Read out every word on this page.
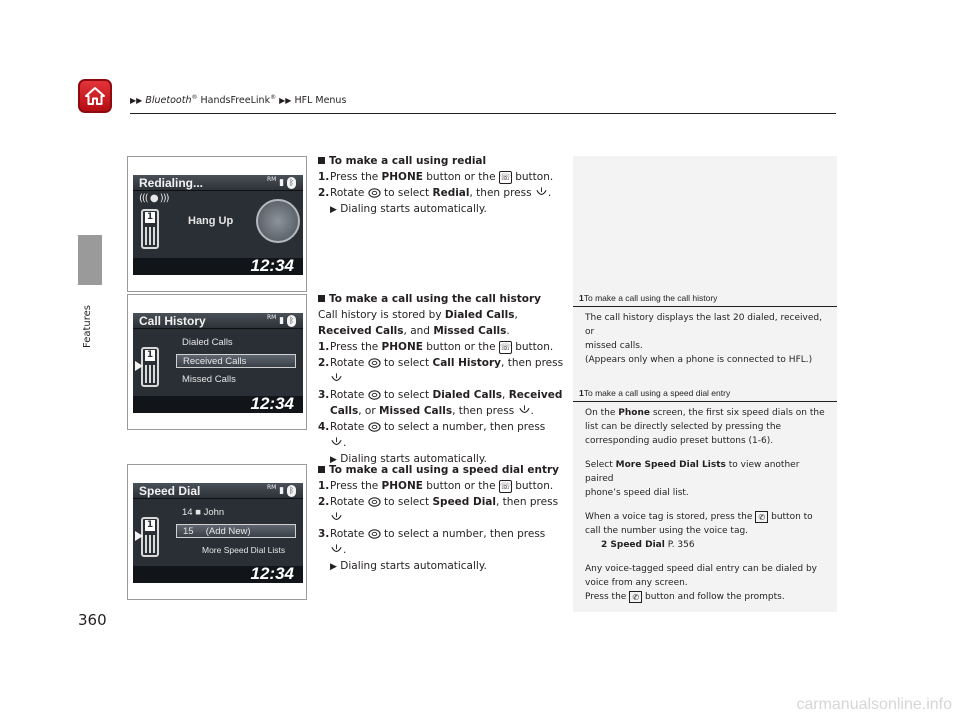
▶▶ Bluetooth® HandsFreeLink® ▶▶ HFL Menus
Features
360
Redialing...	$^{RM}$ ▮ ᛒ
((( ● )))
1	Hang Up
12:34
Call History	$^{RM}$ ▮ ᛒ
1
Dialed Calls
Received Calls
Missed Calls
12:34
Speed Dial	$^{RM}$ ▮ ᛒ
1
14 ■ John
15 　(Add New)
More Speed Dial Lists
12:34
To make a call using redial
1. Press the PHONE button or the ☏ button.
2. Rotate  to select Redial, then press .
▶ Dialing starts automatically.
To make a call using the call history
Call history is stored by Dialed Calls,
Received Calls, and Missed Calls.
1. Press the PHONE button or the ☏ button.
2. Rotate  to select Call History, then press
3. Rotate  to select Dialed Calls, Received
Calls, or Missed Calls, then press .
4. Rotate  to select a number, then press
.
▶ Dialing starts automatically.
To make a call using a speed dial entry
1. Press the PHONE button or the ☏ button.
2. Rotate  to select Speed Dial, then press
3. Rotate  to select a number, then press
.
▶ Dialing starts automatically.
1To make a call using the call history

The call history displays the last 20 dialed, received, or

missed calls.

(Appears only when a phone is connected to HFL.)

1To make a call using a speed dial entry

On the Phone screen, the first six speed dials on the

list can be directly selected by pressing the

corresponding audio preset buttons (1-6).

Select More Speed Dial Lists to view another paired

phone’s speed dial list.

When a voice tag is stored, press the ✆ button to

call the number using the voice tag.

2 Speed Dial P. 356

Any voice-tagged speed dial entry can be dialed by

voice from any screen.

Press the ✆ button and follow the prompts.

carmanualsonline.info
